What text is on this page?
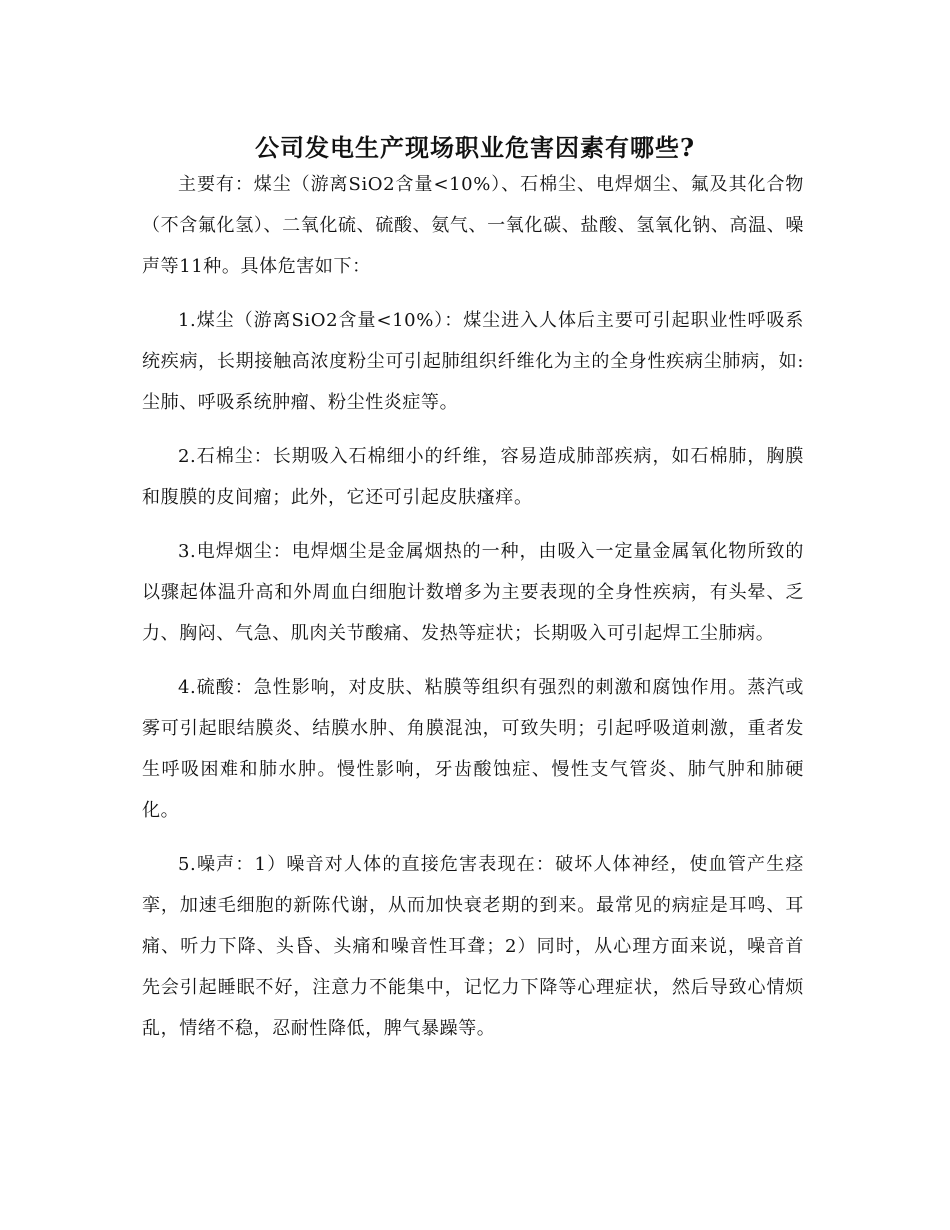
公司发电生产现场职业危害因素有哪些?

主要有：煤尘（游离SiO2含量<10%）、石棉尘、电焊烟尘、氟及其化合物（不含氟化氢）、二氧化硫、硫酸、氨气、一氧化碳、盐酸、氢氧化钠、高温、噪声等11种。具体危害如下：

1.煤尘（游离SiO2含量<10%）：煤尘进入人体后主要可引起职业性呼吸系统疾病，长期接触高浓度粉尘可引起肺组织纤维化为主的全身性疾病尘肺病，如:尘肺、呼吸系统肿瘤、粉尘性炎症等。

2.石棉尘：长期吸入石棉细小的纤维，容易造成肺部疾病，如石棉肺，胸膜和腹膜的皮间瘤；此外，它还可引起皮肤瘙痒。

3.电焊烟尘：电焊烟尘是金属烟热的一种，由吸入一定量金属氧化物所致的以骤起体温升高和外周血白细胞计数增多为主要表现的全身性疾病，有头晕、乏力、胸闷、气急、肌肉关节酸痛、发热等症状；长期吸入可引起焊工尘肺病。

4.硫酸：急性影响，对皮肤、粘膜等组织有强烈的刺激和腐蚀作用。蒸汽或雾可引起眼结膜炎、结膜水肿、角膜混浊，可致失明；引起呼吸道刺激，重者发生呼吸困难和肺水肿。慢性影响，牙齿酸蚀症、慢性支气管炎、肺气肿和肺硬化。

5.噪声：1）噪音对人体的直接危害表现在：破坏人体神经，使血管产生痉挛，加速毛细胞的新陈代谢，从而加快衰老期的到来。最常见的病症是耳鸣、耳痛、听力下降、头昏、头痛和噪音性耳聋；2）同时，从心理方面来说，噪音首先会引起睡眠不好，注意力不能集中，记忆力下降等心理症状，然后导致心情烦乱，情绪不稳，忍耐性降低，脾气暴躁等。
